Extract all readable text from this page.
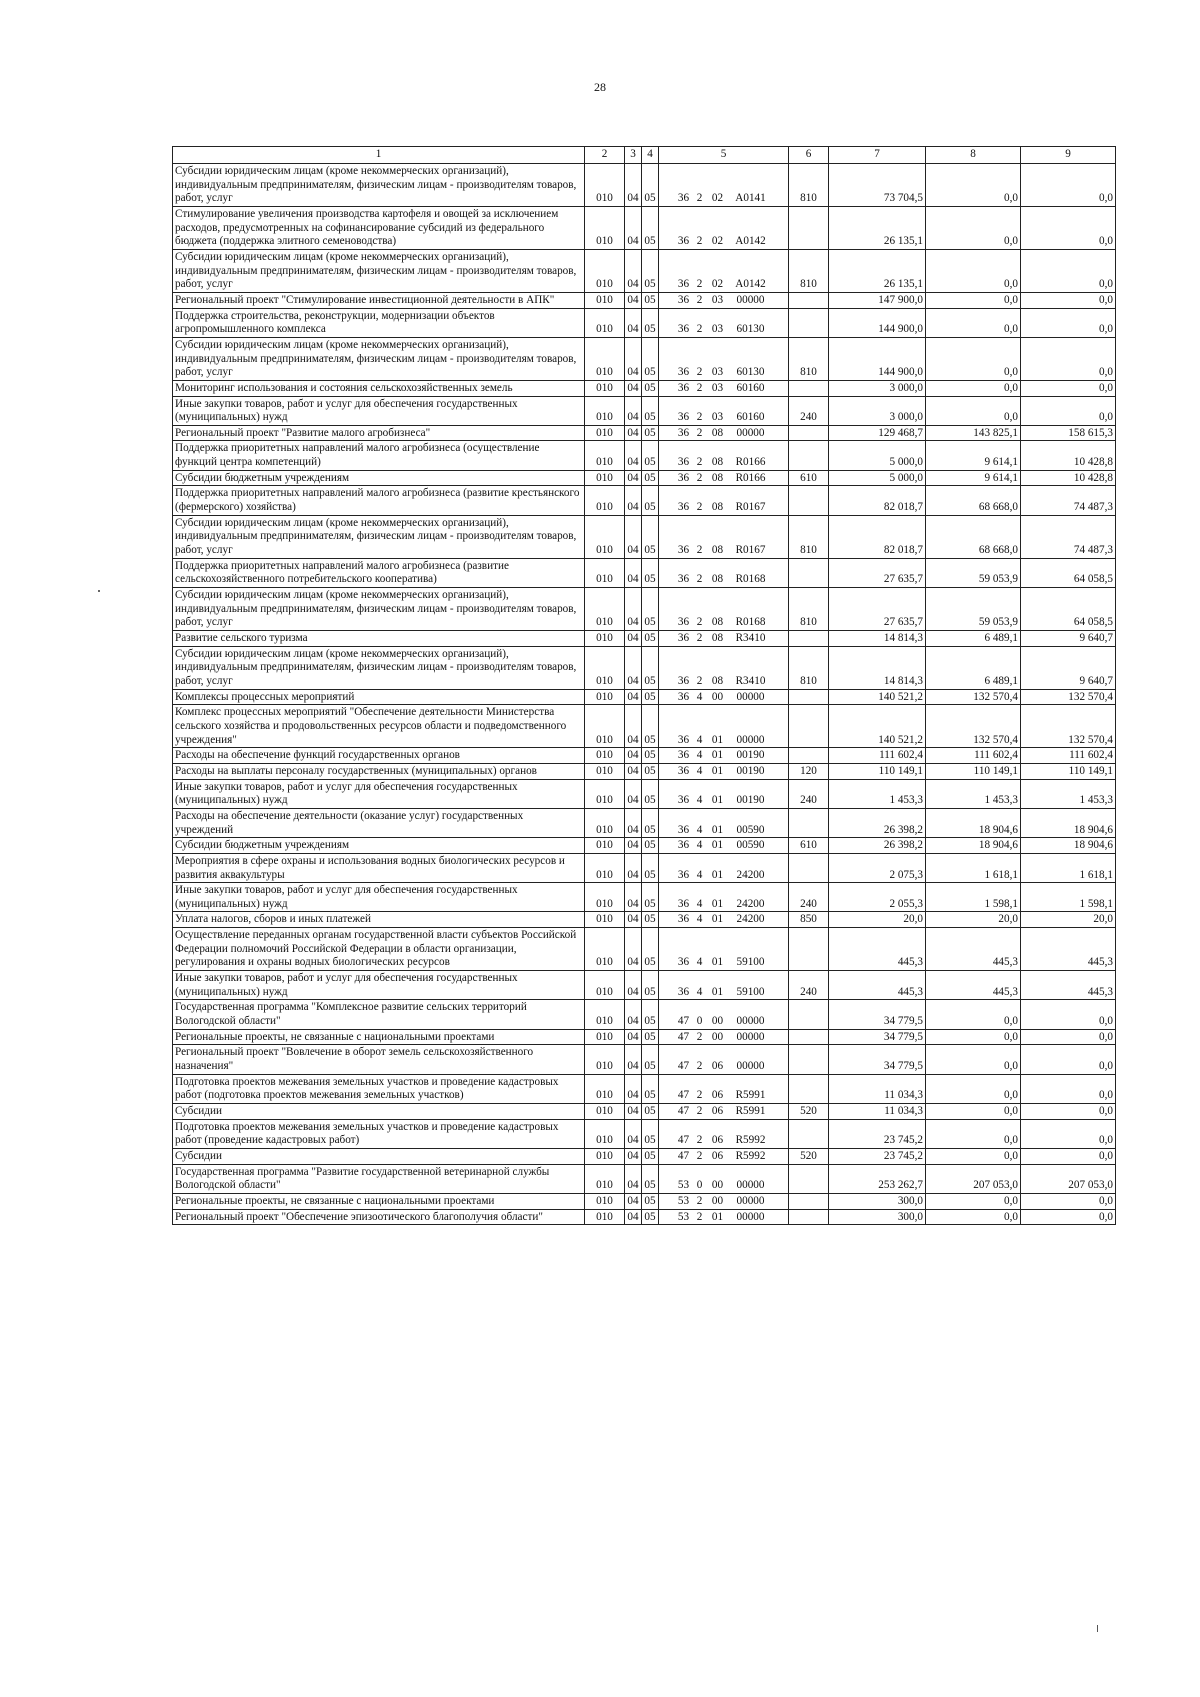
28
1	2	3	4	5	6	7	8	9
Субсидии юридическим лицам (кроме некоммерческих организаций), индивидуальным предпринимателям, физическим лицам - производителям товаров, работ, услуг	010	04	05	36 2 02 А0141	810	73 704,5	0,0	0,0
Стимулирование увеличения производства картофеля и овощей за исключением расходов, предусмотренных на софинансирование субсидий из федерального бюджета (поддержка элитного семеноводства)	010	04	05	36 2 02 А0142		26 135,1	0,0	0,0
Субсидии юридическим лицам (кроме некоммерческих организаций), индивидуальным предпринимателям, физическим лицам - производителям товаров, работ, услуг	010	04	05	36 2 02 А0142	810	26 135,1	0,0	0,0
Региональный проект "Стимулирование инвестиционной деятельности в АПК"	010	04	05	36 2 03 00000		147 900,0	0,0	0,0
Поддержка строительства, реконструкции, модернизации объектов агропромышленного комплекса	010	04	05	36 2 03 60130		144 900,0	0,0	0,0
Субсидии юридическим лицам (кроме некоммерческих организаций), индивидуальным предпринимателям, физическим лицам - производителям товаров, работ, услуг	010	04	05	36 2 03 60130	810	144 900,0	0,0	0,0
Мониторинг использования и состояния сельскохозяйственных земель	010	04	05	36 2 03 60160		3 000,0	0,0	0,0
Иные закупки товаров, работ и услуг для обеспечения государственных (муниципальных) нужд	010	04	05	36 2 03 60160	240	3 000,0	0,0	0,0
Региональный проект "Развитие малого агробизнеса"	010	04	05	36 2 08 00000		129 468,7	143 825,1	158 615,3
Поддержка приоритетных направлений малого агробизнеса (осуществление функций центра компетенций)	010	04	05	36 2 08 R0166		5 000,0	9 614,1	10 428,8
Субсидии бюджетным учреждениям	010	04	05	36 2 08 R0166	610	5 000,0	9 614,1	10 428,8
Поддержка приоритетных направлений малого агробизнеса (развитие крестьянского (фермерского) хозяйства)	010	04	05	36 2 08 R0167		82 018,7	68 668,0	74 487,3
Субсидии юридическим лицам (кроме некоммерческих организаций), индивидуальным предпринимателям, физическим лицам - производителям товаров, работ, услуг	010	04	05	36 2 08 R0167	810	82 018,7	68 668,0	74 487,3
Поддержка приоритетных направлений малого агробизнеса (развитие сельскохозяйственного потребительского кооператива)	010	04	05	36 2 08 R0168		27 635,7	59 053,9	64 058,5
Субсидии юридическим лицам (кроме некоммерческих организаций), индивидуальным предпринимателям, физическим лицам - производителям товаров, работ, услуг	010	04	05	36 2 08 R0168	810	27 635,7	59 053,9	64 058,5
Развитие сельского туризма	010	04	05	36 2 08 R3410		14 814,3	6 489,1	9 640,7
Субсидии юридическим лицам (кроме некоммерческих организаций), индивидуальным предпринимателям, физическим лицам - производителям товаров, работ, услуг	010	04	05	36 2 08 R3410	810	14 814,3	6 489,1	9 640,7
Комплексы процессных мероприятий	010	04	05	36 4 00 00000		140 521,2	132 570,4	132 570,4
Комплекс процессных мероприятий "Обеспечение деятельности Министерства сельского хозяйства и продовольственных ресурсов области и подведомственного учреждения"	010	04	05	36 4 01 00000		140 521,2	132 570,4	132 570,4
Расходы на обеспечение функций государственных органов	010	04	05	36 4 01 00190		111 602,4	111 602,4	111 602,4
Расходы на выплаты персоналу государственных (муниципальных) органов	010	04	05	36 4 01 00190	120	110 149,1	110 149,1	110 149,1
Иные закупки товаров, работ и услуг для обеспечения государственных (муниципальных) нужд	010	04	05	36 4 01 00190	240	1 453,3	1 453,3	1 453,3
Расходы на обеспечение деятельности (оказание услуг) государственных учреждений	010	04	05	36 4 01 00590		26 398,2	18 904,6	18 904,6
Субсидии бюджетным учреждениям	010	04	05	36 4 01 00590	610	26 398,2	18 904,6	18 904,6
Мероприятия в сфере охраны и использования водных биологических ресурсов и развития аквакультуры	010	04	05	36 4 01 24200		2 075,3	1 618,1	1 618,1
Иные закупки товаров, работ и услуг для обеспечения государственных (муниципальных) нужд	010	04	05	36 4 01 24200	240	2 055,3	1 598,1	1 598,1
Уплата налогов, сборов и иных платежей	010	04	05	36 4 01 24200	850	20,0	20,0	20,0
Осуществление переданных органам государственной власти субъектов Российской Федерации полномочий Российской Федерации в области организации, регулирования и охраны водных биологических ресурсов	010	04	05	36 4 01 59100		445,3	445,3	445,3
Иные закупки товаров, работ и услуг для обеспечения государственных (муниципальных) нужд	010	04	05	36 4 01 59100	240	445,3	445,3	445,3
Государственная программа "Комплексное развитие сельских территорий Вологодской области"	010	04	05	47 0 00 00000		34 779,5	0,0	0,0
Региональные проекты, не связанные с национальными проектами	010	04	05	47 2 00 00000		34 779,5	0,0	0,0
Региональный проект "Вовлечение в оборот земель сельскохозяйственного назначения"	010	04	05	47 2 06 00000		34 779,5	0,0	0,0
Подготовка проектов межевания земельных участков и проведение кадастровых работ (подготовка проектов межевания земельных участков)	010	04	05	47 2 06 R5991		11 034,3	0,0	0,0
Субсидии	010	04	05	47 2 06 R5991	520	11 034,3	0,0	0,0
Подготовка проектов межевания земельных участков и проведение кадастровых работ (проведение кадастровых работ)	010	04	05	47 2 06 R5992		23 745,2	0,0	0,0
Субсидии	010	04	05	47 2 06 R5992	520	23 745,2	0,0	0,0
Государственная программа "Развитие государственной ветеринарной службы Вологодской области"	010	04	05	53 0 00 00000		253 262,7	207 053,0	207 053,0
Региональные проекты, не связанные с национальными проектами	010	04	05	53 2 00 00000		300,0	0,0	0,0
Региональный проект "Обеспечение эпизоотического благополучия области"	010	04	05	53 2 01 00000		300,0	0,0	0,0
